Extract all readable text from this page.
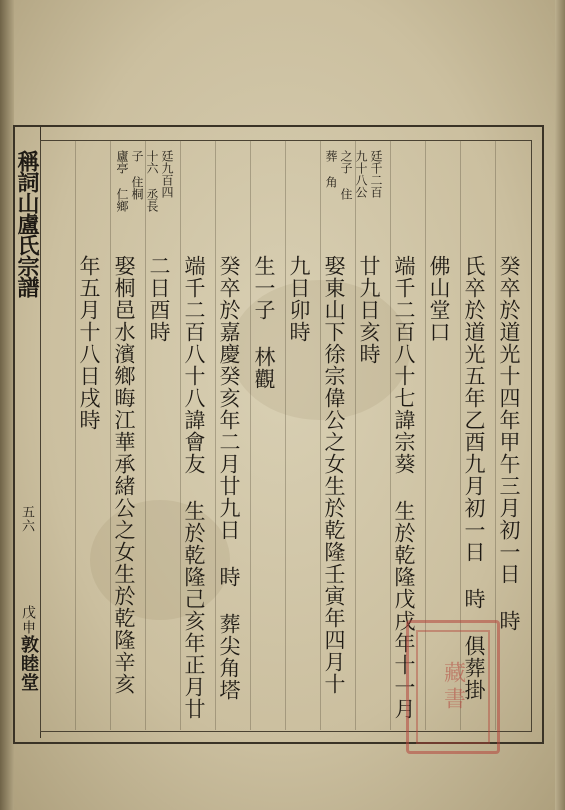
稱詞山盧氏宗譜
五六
戊申敦睦堂
廷千二百
九十八公
之子 住
葬 角
廷九百四
十六 丞長
子 住桐
廬亭 仁鄉
癸卒於道光十四年甲午三月初一日 時
氏卒於道光五年乙酉九月初一日 時 俱葬掛
佛山堂口
端千二百八十七諱宗葵 生於乾隆戊戌年十一月
廿九日亥時
娶東山下徐宗偉公之女生於乾隆壬寅年四月十
九日卯時
生一子 林觀
癸卒於嘉慶癸亥年二月廿九日 時 葬尖角塔
端千二百八十八諱會友 生於乾隆己亥年正月廿
二日酉時
娶桐邑水濱鄉晦江華承緒公之女生於乾隆辛亥
年五月十八日戌時
藏書
